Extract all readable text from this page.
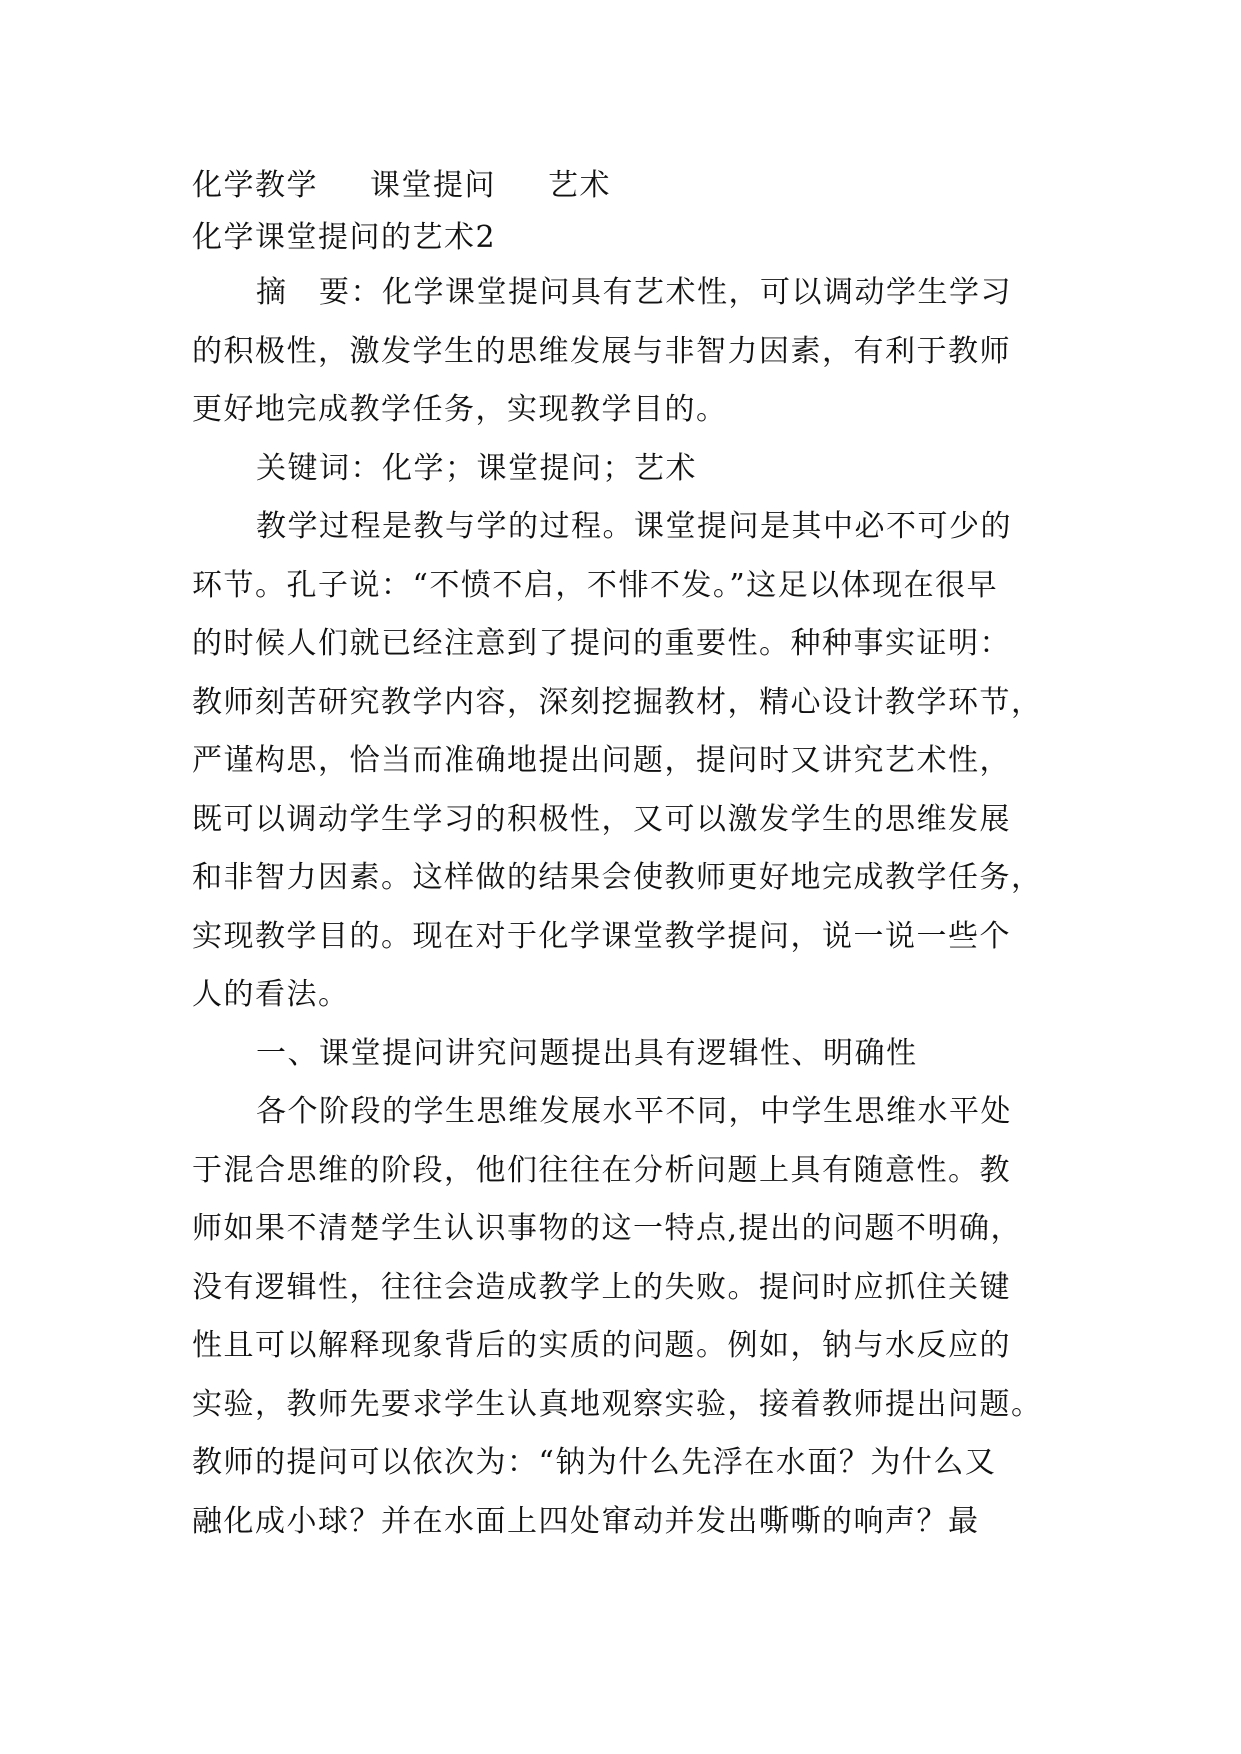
化学教学 课堂提问 艺术
化学课堂提问的艺术2
摘　要：化学课堂提问具有艺术性，可以调动学生学习
的积极性，激发学生的思维发展与非智力因素，有利于教师
更好地完成教学任务，实现教学目的。
关键词：化学；课堂提问；艺术
教学过程是教与学的过程。课堂提问是其中必不可少的
环节。孔子说：“不愤不启，不悱不发。”这足以体现在很早
的时候人们就已经注意到了提问的重要性。种种事实证明：
教师刻苦研究教学内容，深刻挖掘教材，精心设计教学环节，
严谨构思，恰当而准确地提出问题，提问时又讲究艺术性，
既可以调动学生学习的积极性，又可以激发学生的思维发展
和非智力因素。这样做的结果会使教师更好地完成教学任务，
实现教学目的。现在对于化学课堂教学提问，说一说一些个
人的看法。
一、课堂提问讲究问题提出具有逻辑性、明确性
各个阶段的学生思维发展水平不同，中学生思维水平处
于混合思维的阶段，他们往往在分析问题上具有随意性。教
师如果不清楚学生认识事物的这一特点,提出的问题不明确，
没有逻辑性，往往会造成教学上的失败。提问时应抓住关键
性且可以解释现象背后的实质的问题。例如，钠与水反应的
实验，教师先要求学生认真地观察实验，接着教师提出问题。
教师的提问可以依次为：“钠为什么先浮在水面？为什么又
融化成小球？并在水面上四处窜动并发出嘶嘶的响声？最
